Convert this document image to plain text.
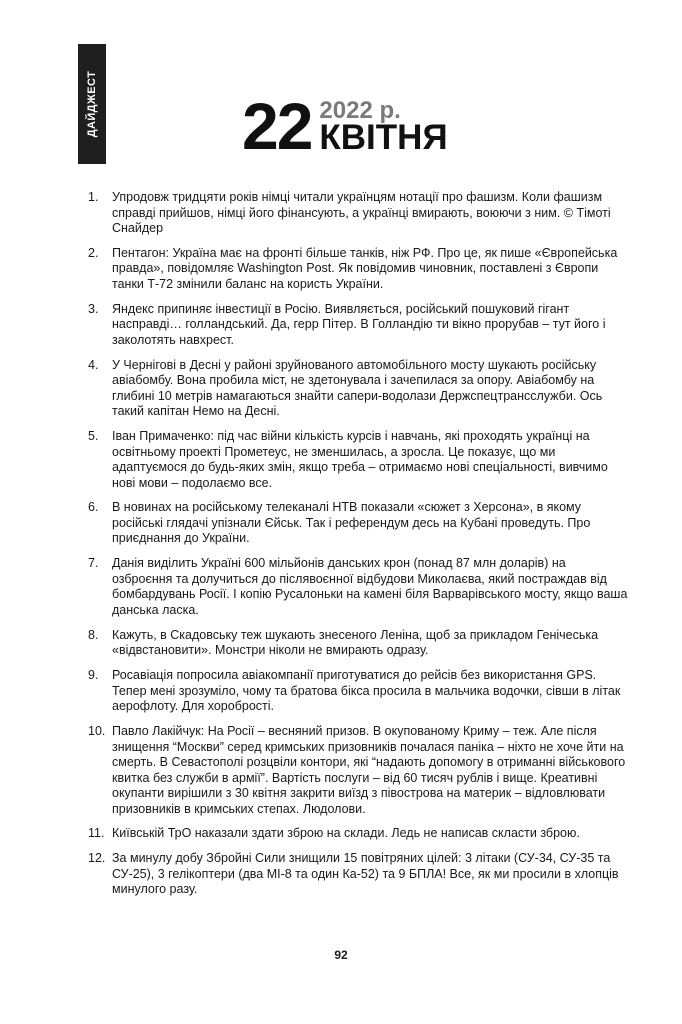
ДАЙДЖЕСТ 22 2022 р.
КВІТНЯ
1.	Упродовж тридцяти років німці читали українцям нотації про фашизм. Коли фашизм справді прийшов, німці його фінансують, а українці вмирають, воюючи з ним. © Тімоті Снайдер
2.	Пентагон: Україна має на фронті більше танків, ніж РФ. Про це, як пише «Європейська правда», повідомляє Washington Post. Як повідомив чиновник, поставлені з Європи танки Т-72 змінили баланс на користь України.
3.	Яндекс припиняє інвестиції в Росію. Виявляється, російський пошуковий гігант насправді… голландський. Да, герр Пітер. В Голландію ти вікно прорубав – тут його і заколотять навхрест.
4.	У Чернігові в Десні у районі зруйнованого автомобільного мосту шукають російську авіабомбу. Вона пробила міст, не здетонувала і зачепилася за опору. Авіабомбу на глибині 10 метрів намагаються знайти сапери-водолази Держспецтрансслужби. Ось такий капітан Немо на Десні.
5.	Іван Примаченко: під час війни кількість курсів і навчань, які проходять українці на освітньому проекті Прометеус, не зменшилась, а зросла. Це показує, що ми адаптуємося до будь-яких змін, якщо треба – отримаємо нові спеціальності, вивчимо нові мови – подолаємо все.
6.	В новинах на російському телеканалі НТВ показали «сюжет з Херсона», в якому російські глядачі упізнали Єйськ. Так і референдум десь на Кубані проведуть. Про приєднання до України.
7.	Данія виділить Україні 600 мільйонів данських крон (понад 87 млн доларів) на озброєння та долучиться до післявоєнної відбудови Миколаєва, який постраждав від бомбардувань Росії. І копію Русалоньки на камені біля Варварівського мосту, якщо ваша данська ласка.
8.	Кажуть, в Скадовську теж шукають знесеного Леніна, щоб за прикладом Генічеська «відвстановити». Монстри ніколи не вмирають одразу.
9.	Росавіація попросила авіакомпанії приготуватися до рейсів без використання GPS. Тепер мені зрозуміло, чому та братова бікса просила в мальчика водочки, сівши в літак аерофлоту. Для хоробрості.
10. Павло Лакійчук: На Росії – весняний призов. В окупованому Криму – теж. Але після знищення “Москви” серед кримських призовників почалася паніка – ніхто не хоче йти на смерть. В Севастополі розцвіли контори, які “надають допомогу в отриманні військового квитка без служби в армії”. Вартість послуги – від 60 тисяч рублів і вище. Креативні окупанти вирішили з 30 квітня закрити виїзд з півострова на материк – відловлювати призовників в кримських степах. Людолови.
11. Київській ТрО наказали здати зброю на склади. Ледь не написав скласти зброю.
12. За минулу добу Збройні Сили знищили 15 повітряних цілей: 3 літаки (СУ-34, СУ-35 та СУ-25), 3 гелікоптери (два МІ-8 та один Ка-52) та 9 БПЛА! Все, як ми просили в хлопців минулого разу.
92
